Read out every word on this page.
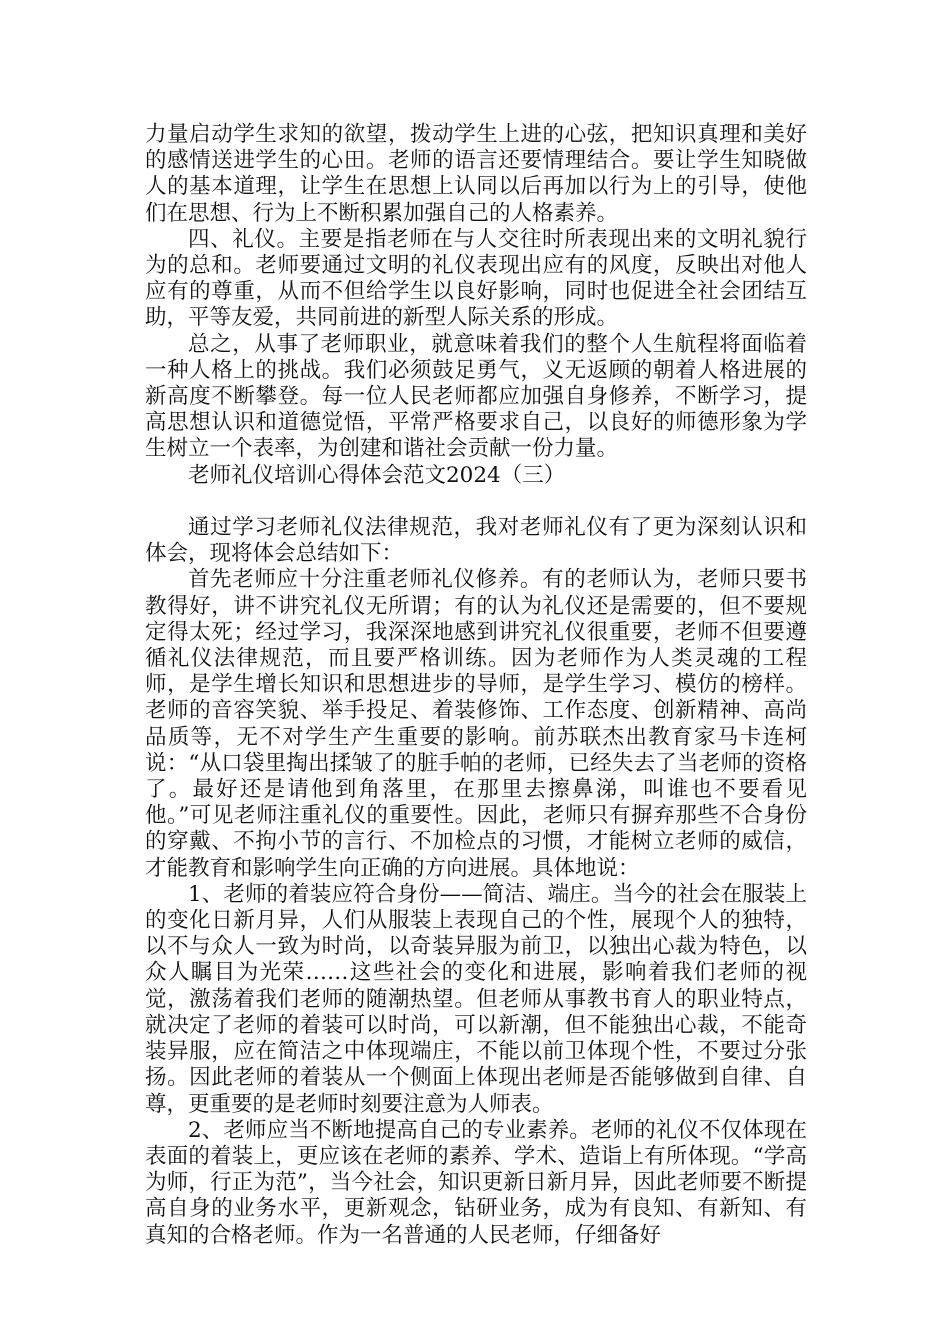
力量启动学生求知的欲望，拨动学生上进的心弦，把知识真理和美好的感情送进学生的心田。老师的语言还要情理结合。要让学生知晓做人的基本道理，让学生在思想上认同以后再加以行为上的引导，使他们在思想、行为上不断积累加强自己的人格素养。

四、礼仪。主要是指老师在与人交往时所表现出来的文明礼貌行为的总和。老师要通过文明的礼仪表现出应有的风度，反映出对他人应有的尊重，从而不但给学生以良好影响，同时也促进全社会团结互助，平等友爱，共同前进的新型人际关系的形成。

总之，从事了老师职业，就意味着我们的整个人生航程将面临着一种人格上的挑战。我们必须鼓足勇气，义无返顾的朝着人格进展的新高度不断攀登。每一位人民老师都应加强自身修养，不断学习，提高思想认识和道德觉悟，平常严格要求自己，以良好的师德形象为学生树立一个表率，为创建和谐社会贡献一份力量。

老师礼仪培训心得体会范文2024（三）

通过学习老师礼仪法律规范，我对老师礼仪有了更为深刻认识和体会，现将体会总结如下：

首先老师应十分注重老师礼仪修养。有的老师认为，老师只要书教得好，讲不讲究礼仪无所谓；有的认为礼仪还是需要的，但不要规定得太死；经过学习，我深深地感到讲究礼仪很重要，老师不但要遵循礼仪法律规范，而且要严格训练。因为老师作为人类灵魂的工程师，是学生增长知识和思想进步的导师，是学生学习、模仿的榜样。老师的音容笑貌、举手投足、着装修饰、工作态度、创新精神、高尚品质等，无不对学生产生重要的影响。前苏联杰出教育家马卡连柯说：“从口袋里掏出揉皱了的脏手帕的老师，已经失去了当老师的资格了。最好还是请他到角落里，在那里去擦鼻涕，叫谁也不要看见他。”可见老师注重礼仪的重要性。因此，老师只有摒弃那些不合身份的穿戴、不拘小节的言行、不加检点的习惯，才能树立老师的威信，才能教育和影响学生向正确的方向进展。具体地说：

1、老师的着装应符合身份——简洁、端庄。当今的社会在服装上的变化日新月异，人们从服装上表现自己的个性，展现个人的独特，以不与众人一致为时尚，以奇装异服为前卫，以独出心裁为特色，以众人瞩目为光荣……这些社会的变化和进展，影响着我们老师的视觉，激荡着我们老师的随潮热望。但老师从事教书育人的职业特点，就决定了老师的着装可以时尚，可以新潮，但不能独出心裁，不能奇装异服，应在简洁之中体现端庄，不能以前卫体现个性，不要过分张扬。因此老师的着装从一个侧面上体现出老师是否能够做到自律、自尊，更重要的是老师时刻要注意为人师表。

2、老师应当不断地提高自己的专业素养。老师的礼仪不仅体现在表面的着装上，更应该在老师的素养、学术、造诣上有所体现。“学高为师，行正为范”，当今社会，知识更新日新月异，因此老师要不断提高自身的业务水平，更新观念，钻研业务，成为有良知、有新知、有真知的合格老师。作为一名普通的人民老师，仔细备好
